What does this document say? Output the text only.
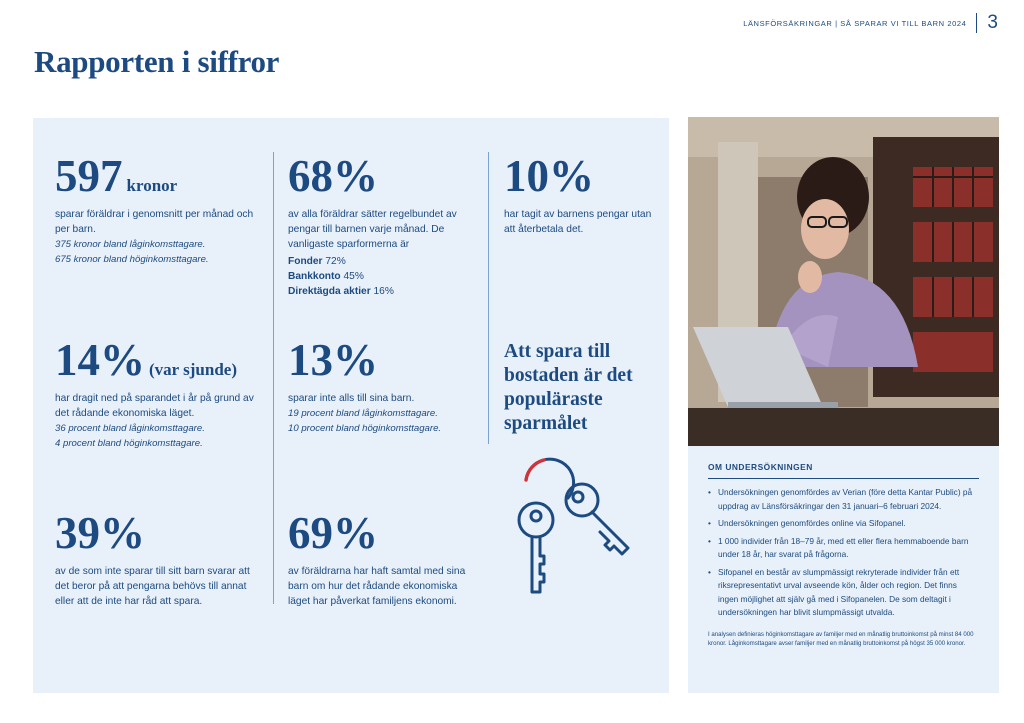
LÄNSFÖRSÄKRINGAR | SÅ SPARAR VI TILL BARN 2024 3
Rapporten i siffror
597 kronor

sparar föräldrar i genomsnitt per månad och per barn.

375 kronor bland låginkomsttagare.

675 kronor bland höginkomsttagare.

68%

av alla föräldrar sätter regelbundet av pengar till barnen varje månad. De vanligaste sparformerna är

Fonder 72%

Bankkonto 45%

Direktägda aktier 16%

10%

har tagit av barnens pengar utan att återbetala det.

14% (var sjunde)

har dragit ned på sparandet i år på grund av det rådande ekonomiska läget.

36 procent bland låginkomsttagare.

4 procent bland höginkomsttagare.

13%

sparar inte alls till sina barn.

19 procent bland låginkomsttagare.

10 procent bland höginkomsttagare.

39%

av de som inte sparar till sitt barn svarar att det beror på att pengarna behövs till annat eller att de inte har råd att spara.

69%

av föräldrarna har haft samtal med sina barn om hur det rådande ekonomiska läget har påverkat familjens ekonomi.

Att spara till bostaden är det populäraste sparmålet
OM UNDERSÖKNINGEN
• Undersökningen genomfördes av Verian (före detta Kantar Public) på uppdrag av Länsförsäkringar den 31 januari–6 februari 2024.
• Undersökningen genomfördes online via Sifopanel.
• 1 000 individer från 18–79 år, med ett eller flera hemmaboende barn under 18 år, har svarat på frågorna.
• Sifopanel en består av slumpmässigt rekryterade individer från ett riksrepresentativt urval avseende kön, ålder och region. Det finns ingen möjlighet att själv gå med i Sifopanelen. De som deltagit i undersökningen har blivit slumpmässigt utvalda.

I analysen definieras höginkomsttagare av familjer med en månatlig bruttoinkomst på minst 84 000 kronor. Låginkomsttagare avser familjer med en månatlig bruttoinkomst på högst 35 000 kronor.
